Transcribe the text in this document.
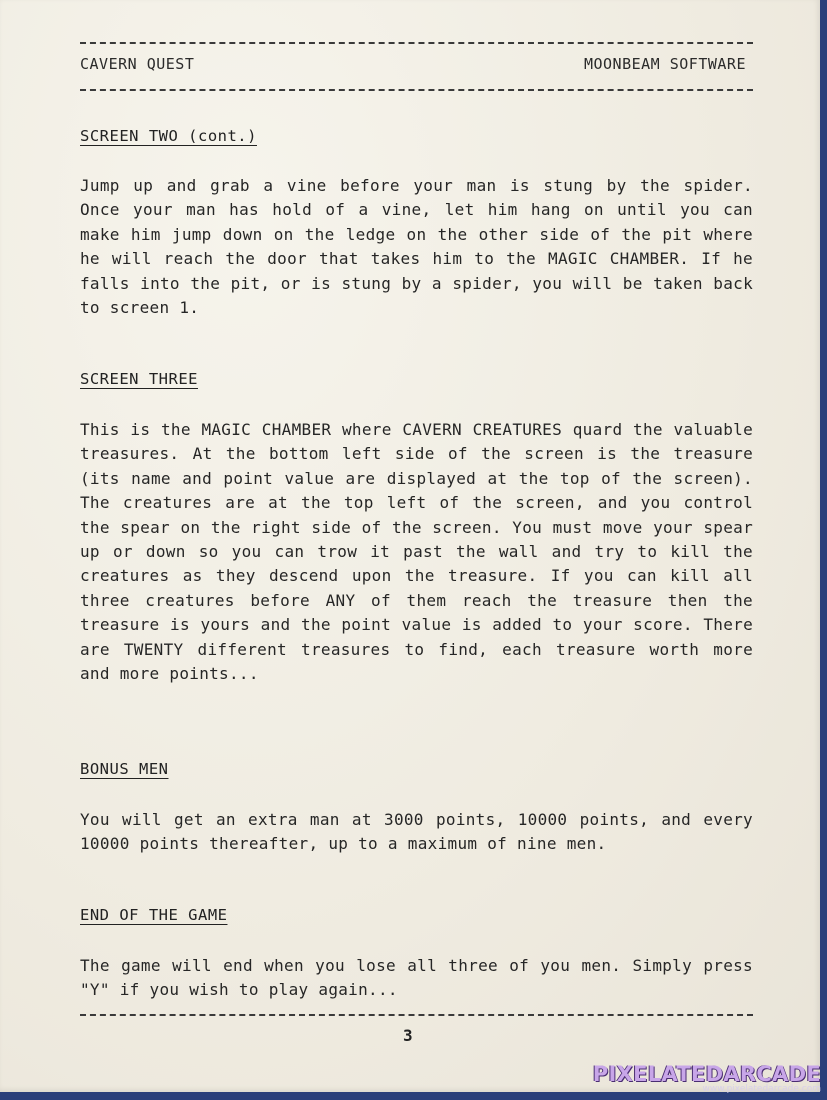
CAVERN QUEST	MOONBEAM SOFTWARE
SCREEN TWO (cont.)
Jump up and grab a vine before your man is stung by the spider. Once your man has hold of a vine, let him hang on until you can make him jump down on the ledge on the other side of the pit where he will reach the door that takes him to the MAGIC CHAMBER. If he falls into the pit, or is stung by a spider, you will be taken back to screen 1.
SCREEN THREE
This is the MAGIC CHAMBER where CAVERN CREATURES quard the valuable treasures. At the bottom left side of the screen is the treasure (its name and point value are displayed at the top of the screen). The creatures are at the top left of the screen, and you control the spear on the right side of the screen. You must move your spear up or down so you can trow it past the wall and try to kill the creatures as they descend upon the treasure. If you can kill all three creatures before ANY of them reach the treasure then the treasure is yours and the point value is added to your score. There are TWENTY different treasures to find, each treasure worth more and more points...
BONUS MEN
You will get an extra man at 3000 points, 10000 points, and every 10000 points thereafter, up to a maximum of nine men.
END OF THE GAME
The game will end when you lose all three of you men. Simply press "Y" if you wish to play again...
3
PIXELATEDARCADE
www.pixelatedarcade.com
